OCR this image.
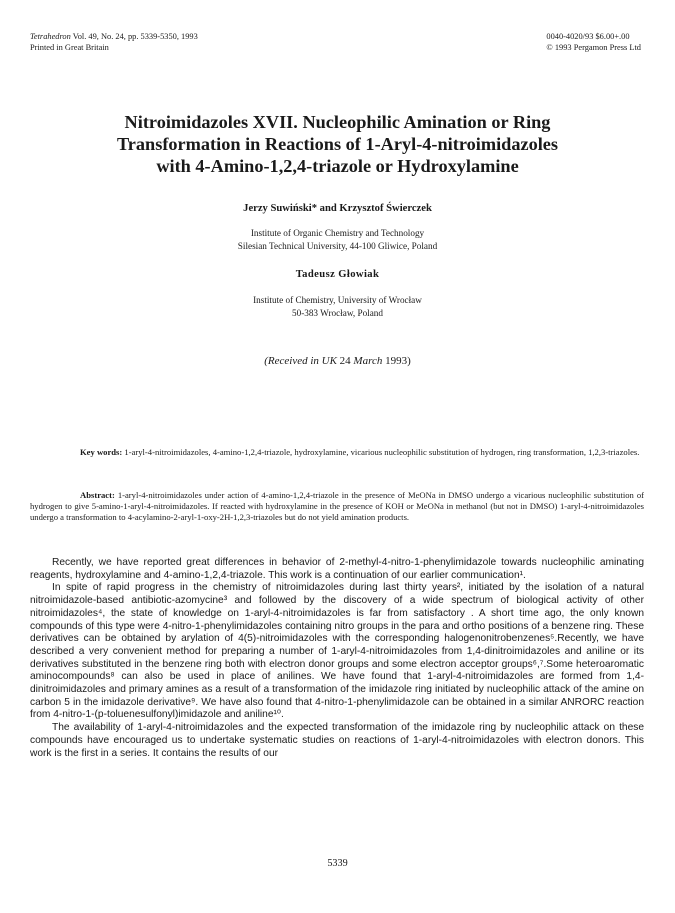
Tetrahedron Vol. 49, No. 24, pp. 5339-5350, 1993
Printed in Great Britain
0040-4020/93 $6.00+.00
© 1993 Pergamon Press Ltd
Nitroimidazoles XVII. Nucleophilic Amination or Ring
Transformation in Reactions of 1-Aryl-4-nitroimidazoles
with 4-Amino-1,2,4-triazole or Hydroxylamine
Jerzy Suwiński* and Krzysztof Świerczek
Institute of Organic Chemistry and Technology
Silesian Technical University, 44-100 Gliwice, Poland
Tadeusz Głowiak
Institute of Chemistry, University of Wrocław
50-383 Wrocław, Poland
(Received in UK 24 March 1993)
Key words: 1-aryl-4-nitroimidazoles, 4-amino-1,2,4-triazole, hydroxylamine, vicarious nucleophilic substitution of hydrogen, ring transformation, 1,2,3-triazoles.
Abstract: 1-aryl-4-nitroimidazoles under action of 4-amino-1,2,4-triazole in the presence of MeONa in DMSO undergo a vicarious nucleophilic substitution of hydrogen to give 5-amino-1-aryl-4-nitroimidazoles. If reacted with hydroxylamine in the presence of KOH or MeONa in methanol (but not in DMSO) 1-aryl-4-nitroimidazoles undergo a transformation to 4-acylamino-2-aryl-1-oxy-2H-1,2,3-triazoles but do not yield amination products.

Recently, we have reported great differences in behavior of 2-methyl-4-nitro-1-phenylimidazole towards nucleophilic aminating reagents, hydroxylamine and 4-amino-1,2,4-triazole. This work is a continuation of our earlier communication¹.

In spite of rapid progress in the chemistry of nitroimidazoles during last thirty years², initiated by the isolation of a natural nitroimidazole-based antibiotic-azomycine³ and followed by the discovery of a wide spectrum of biological activity of other nitroimidazoles⁴, the state of knowledge on 1-aryl-4-nitroimidazoles is far from satisfactory . A short time ago, the only known compounds of this type were 4-nitro-1-phenylimidazoles containing nitro groups in the para and ortho positions of a benzene ring. These derivatives can be obtained by arylation of 4(5)-nitroimidazoles with the corresponding halogenonitrobenzenes⁵.Recently, we have described a very convenient method for preparing a number of 1-aryl-4-nitroimidazoles from 1,4-dinitroimidazoles and aniline or its derivatives substituted in the benzene ring both with electron donor groups and some electron acceptor groups⁶,⁷.Some heteroaromatic aminocompounds⁸ can also be used in place of anilines. We have found that 1-aryl-4-nitroimidazoles are formed from 1,4-dinitroimidazoles and primary amines as a result of a transformation of the imidazole ring initiated by nucleophilic attack of the amine on carbon 5 in the imidazole derivative⁹. We have also found that 4-nitro-1-phenylimidazole can be obtained in a similar ANRORC reaction from 4-nitro-1-(p-toluenesulfonyl)imidazole and aniline¹⁰.

The availability of 1-aryl-4-nitroimidazoles and the expected transformation of the imidazole ring by nucleophilic attack on these compounds have encouraged us to undertake systematic studies on reactions of 1-aryl-4-nitroimidazoles with electron donors. This work is the first in a series. It contains the results of our

5339
